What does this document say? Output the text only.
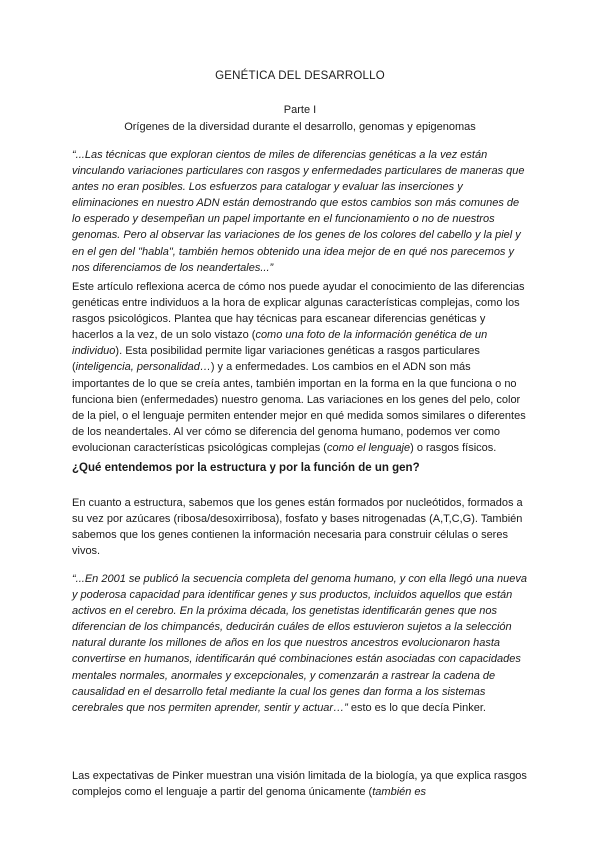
GENÉTICA DEL DESARROLLO
Parte I
Orígenes de la diversidad durante el desarrollo, genomas y epigenomas

“...Las técnicas que exploran cientos de miles de diferencias genéticas a la vez están vinculando variaciones particulares con rasgos y enfermedades particulares de maneras que antes no eran posibles. Los esfuerzos para catalogar y evaluar las inserciones y eliminaciones en nuestro ADN están demostrando que estos cambios son más comunes de lo esperado y desempeñan un papel importante en el funcionamiento o no de nuestros genomas. Pero al observar las variaciones de los genes de los colores del cabello y la piel y en el gen del "habla", también hemos obtenido una idea mejor de en qué nos parecemos y nos diferenciamos de los neandertales...”

Este artículo reflexiona acerca de cómo nos puede ayudar el conocimiento de las diferencias genéticas entre individuos a la hora de explicar algunas características complejas, como los rasgos psicológicos. Plantea que hay técnicas para escanear diferencias genéticas y hacerlos a la vez, de un solo vistazo (como una foto de la información genética de un individuo). Esta posibilidad permite ligar variaciones genéticas a rasgos particulares (inteligencia, personalidad…) y a enfermedades. Los cambios en el ADN son más importantes de lo que se creía antes, también importan en la forma en la que funciona o no funciona bien (enfermedades) nuestro genoma. Las variaciones en los genes del pelo, color de la piel, o el lenguaje permiten entender mejor en qué medida somos similares o diferentes de los neandertales. Al ver cómo se diferencia del genoma humano, podemos ver como evolucionan características psicológicas complejas (como el lenguaje) o rasgos físicos.

¿Qué entendemos por la estructura y por la función de un gen?

En cuanto a estructura, sabemos que los genes están formados por nucleótidos, formados a su vez por azúcares (ribosa/desoxirribosa), fosfato y bases nitrogenadas (A,T,C,G). También sabemos que los genes contienen la información necesaria para construir células o seres vivos.

“...En 2001 se publicó la secuencia completa del genoma humano, y con ella llegó una nueva y poderosa capacidad para identificar genes y sus productos, incluidos aquellos que están activos en el cerebro. En la próxima década, los genetistas identificarán genes que nos diferencian de los chimpancés, deducirán cuáles de ellos estuvieron sujetos a la selección natural durante los millones de años en los que nuestros ancestros evolucionaron hasta convertirse en humanos, identificarán qué combinaciones están asociadas con capacidades mentales normales, anormales y excepcionales, y comenzarán a rastrear la cadena de causalidad en el desarrollo fetal mediante la cual los genes dan forma a los sistemas cerebrales que nos permiten aprender, sentir y actuar…” esto es lo que decía Pinker.

Las expectativas de Pinker muestran una visión limitada de la biología, ya que explica rasgos complejos como el lenguaje a partir del genoma únicamente (también es
